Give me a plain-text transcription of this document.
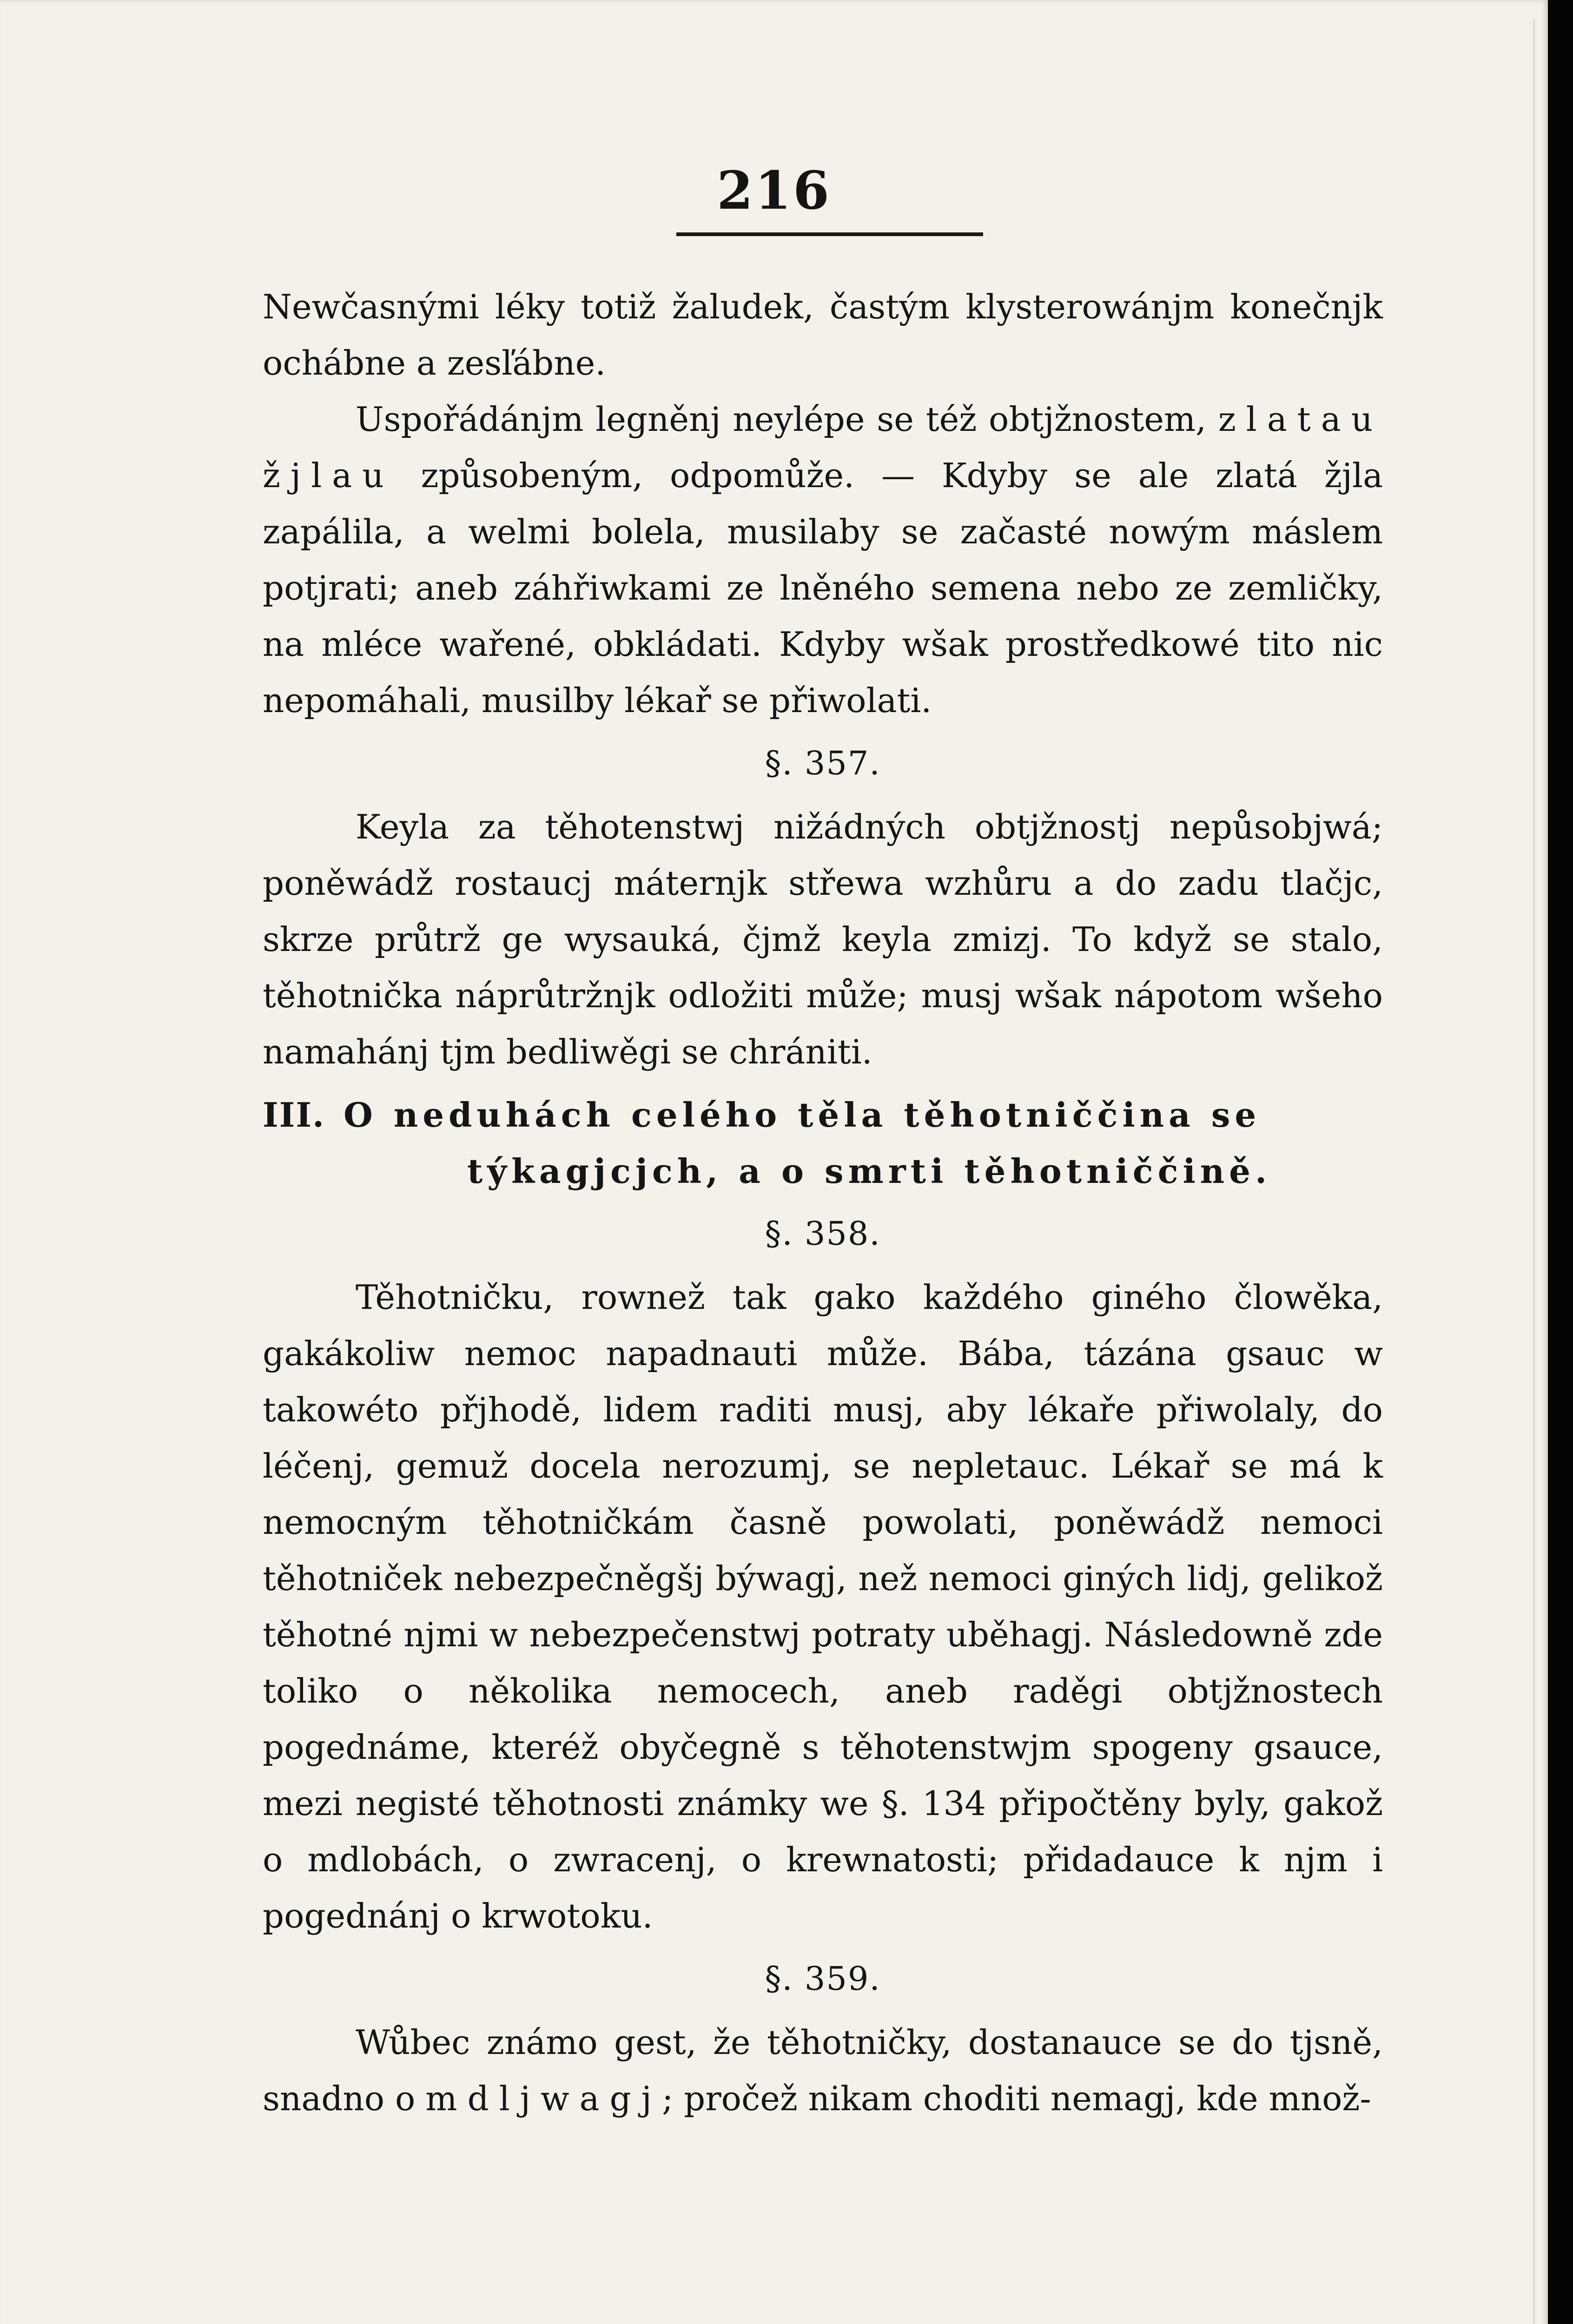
216

Newčasnými léky totiž žaludek, častým klysterowánjm konečnjk ochábne a zesľábne.

Uspořádánjm legněnj neylépe se též obtjžnostem, zlatau žjlau způsobeným, odpomůže. — Kdyby se ale zlatá žjla zapálila, a welmi bolela, musilaby se začasté nowým máslem potjrati; aneb záhřiwkami ze lněného semena nebo ze zemličky, na mléce wařené, obkládati. Kdyby wšak prostředkowé tito nic nepomáhali, musilby lékař se přiwolati.

§. 357.

Keyla za těhotenstwj nižádných obtjžnostj nepůsobjwá; poněwádž rostaucj máternjk střewa wzhůru a do zadu tlačjc, skrze průtrž ge wysauká, čjmž keyla zmizj. To když se stalo, těhotnička náprůtržnjk odložiti může; musj wšak nápotom wšeho namahánj tjm bedliwěgi se chrániti.

III. O neduhách celého těla těhotniččina se týkagjcjch, a o smrti těhotniččině.
§. 358.

Těhotničku, rownež tak gako každého giného člowěka, gakákoliw nemoc napadnauti může. Bába, tázána gsauc w takowéto přjhodě, lidem raditi musj, aby lékaře přiwolaly, do léčenj, gemuž docela nerozumj, se nepletauc. Lékař se má k nemocným těhotničkám časně powolati, poněwádž nemoci těhotniček nebezpečněgšj býwagj, než nemoci giných lidj, gelikož těhotné njmi w nebezpečenstwj potraty uběhagj. Následowně zde toliko o několika nemocech, aneb raděgi obtjžnostech pogednáme, kteréž obyčegně s těhotenstwjm spogeny gsauce, mezi negisté těhotnosti známky we §. 134 připočtěny byly, gakož o mdlobách, o zwracenj, o krewnatosti; přidadauce k njm i pogednánj o krwotoku.

§. 359.

Wůbec známo gest, že těhotničky, dostanauce se do tjsně, snadno omdljwagj; pročež nikam choditi nemagj, kde množ-
